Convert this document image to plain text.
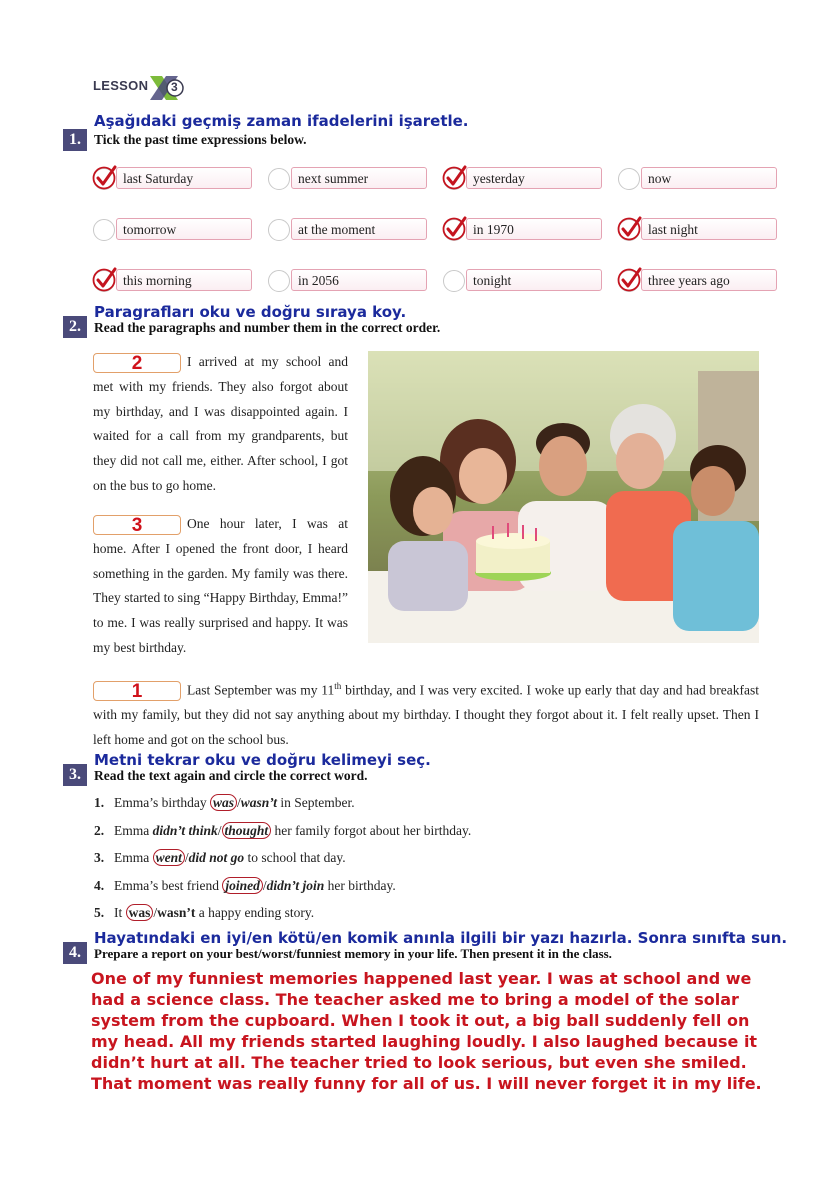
LESSON 3
Aşağıdaki geçmiş zaman ifadelerini işaretle.
1. Tick the past time expressions below.
last Saturday	next summer	yesterday	now
tomorrow	at the moment	in 1970	last night
this morning	in 2056	tonight	three years ago
Paragrafları oku ve doğru sıraya koy.
2. Read the paragraphs and number them in the correct order.
2	I arrived at my school and met with my friends. They also forgot about my birthday, and I was disappointed again. I waited for a call from my grandparents, but they did not call me, either. After school, I got on the bus to go home.
3	One hour later, I was at home. After I opened the front door, I heard something in the garden. My family was there. They started to sing “Happy Birthday, Emma!” to me. I was really surprised and happy. It was my best birthday.
1	Last September was my 11th birthday, and I was very excited. I woke up early that day and had breakfast with my family, but they did not say anything about my birthday. I thought they forgot about it. I felt really upset. Then I left home and got on the school bus.
Metni tekrar oku ve doğru kelimeyi seç.
3. Read the text again and circle the correct word.
1. Emma’s birthday was /wasn’t in September.
2. Emma didn’t think/ thought her family forgot about her birthday.
3. Emma went /did not go to school that day.
4. Emma’s best friend joined /didn’t join her birthday.
5. It was /wasn’t a happy ending story.
Hayatındaki en iyi/en kötü/en komik anınla ilgili bir yazı hazırla. Sonra sınıfta sun.
4.	Prepare a report on your best/worst/funniest memory in your life. Then present it in the class.
One of my funniest memories happened last year. I was at school and we had a science class. The teacher asked me to bring a model of the solar system from the cupboard. When I took it out, a big ball suddenly fell on my head. All my friends started laughing loudly. I also laughed because it didn’t hurt at all. The teacher tried to look serious, but even she smiled. That moment was really funny for all of us. I will never forget it in my life.
